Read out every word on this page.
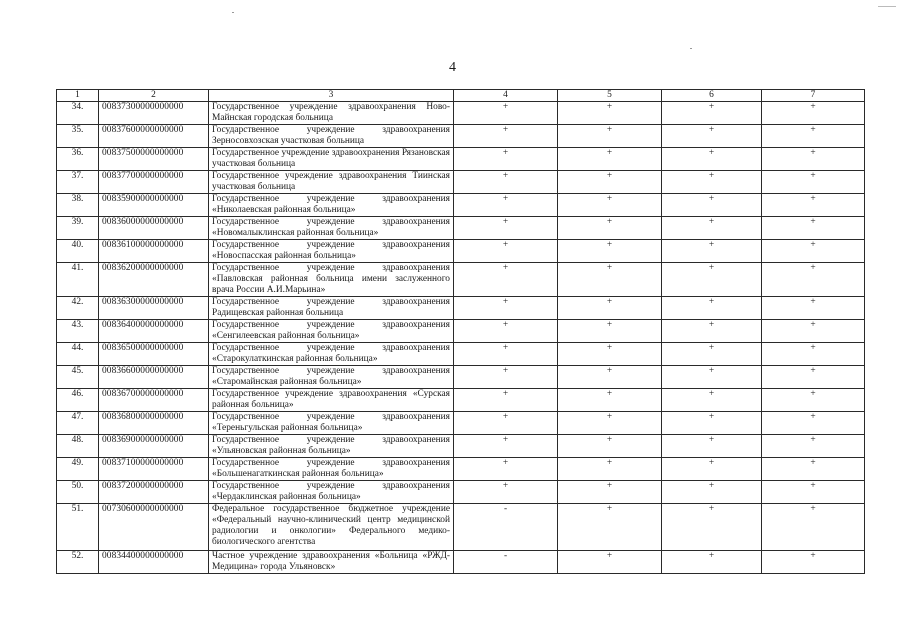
4
1	2	3	4	5	6	7
34.	00837300000000000	Государственное учреждение здравоохранения Ново-Майнская городская больница	+	+	+	+
35.	00837600000000000	Государственное учреждение здравоохранения Зерносовхозская участковая больница	+	+	+	+
36.	00837500000000000	Государственное учреждение здравоохранения Рязановская участковая больница	+	+	+	+
37.	00837700000000000	Государственное учреждение здравоохранения Тиинская участковая больница	+	+	+	+
38.	00835900000000000	Государственное учреждение здравоохранения «Николаевская районная больница»	+	+	+	+
39.	00836000000000000	Государственное учреждение здравоохранения «Новомалыклинская районная больница»	+	+	+	+
40.	00836100000000000	Государственное учреждение здравоохранения «Новоспасская районная больница»	+	+	+	+
41.	00836200000000000	Государственное учреждение здравоохранения «Павловская районная больница имени заслуженного врача России А.И.Марьина»	+	+	+	+
42.	00836300000000000	Государственное учреждение здравоохранения Радищевская районная больница	+	+	+	+
43.	00836400000000000	Государственное учреждение здравоохранения «Сенгилеевская районная больница»	+	+	+	+
44.	00836500000000000	Государственное учреждение здравоохранения «Старокулаткинская районная больница»	+	+	+	+
45.	00836600000000000	Государственное учреждение здравоохранения «Старомайнская районная больница»	+	+	+	+
46.	00836700000000000	Государственное учреждение здравоохранения «Сурская районная больница»	+	+	+	+
47.	00836800000000000	Государственное учреждение здравоохранения «Тереньгульская районная больница»	+	+	+	+
48.	00836900000000000	Государственное учреждение здравоохранения «Ульяновская районная больница»	+	+	+	+
49.	00837100000000000	Государственное учреждение здравоохранения «Большенагаткинская районная больница»	+	+	+	+
50.	00837200000000000	Государственное учреждение здравоохранения «Чердаклинская районная больница»	+	+	+	+
51.	00730600000000000	Федеральное государственное бюджетное учреждение «Федеральный научно-клинический центр медицинской радиологии и онкологии» Федерального медико-биологического агентства	-	+	+	+
52.	00834400000000000	Частное учреждение здравоохранения «Больница «РЖД-Медицина» города Ульяновск»	-	+	+	+
